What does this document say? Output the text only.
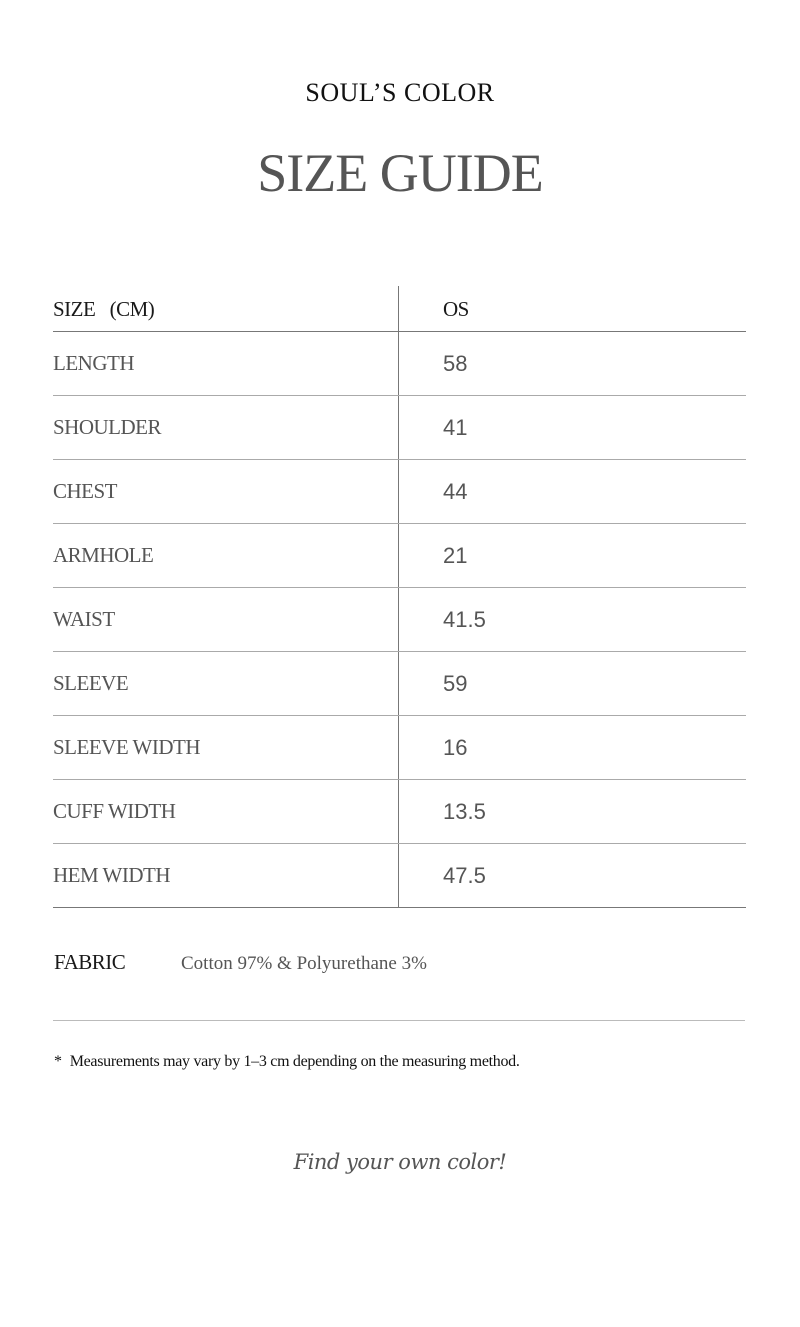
SOUL’S COLOR
SIZE GUIDE
SIZE   (CM)	OS
LENGTH	58
SHOULDER	41
CHEST	44
ARMHOLE	21
WAIST	41.5
SLEEVE	59
SLEEVE WIDTH	16
CUFF WIDTH	13.5
HEM WIDTH	47.5
FABRIC	Cotton 97% & Polyurethane 3%
* Measurements may vary by 1–3 cm depending on the measuring method.
Find your own color!
